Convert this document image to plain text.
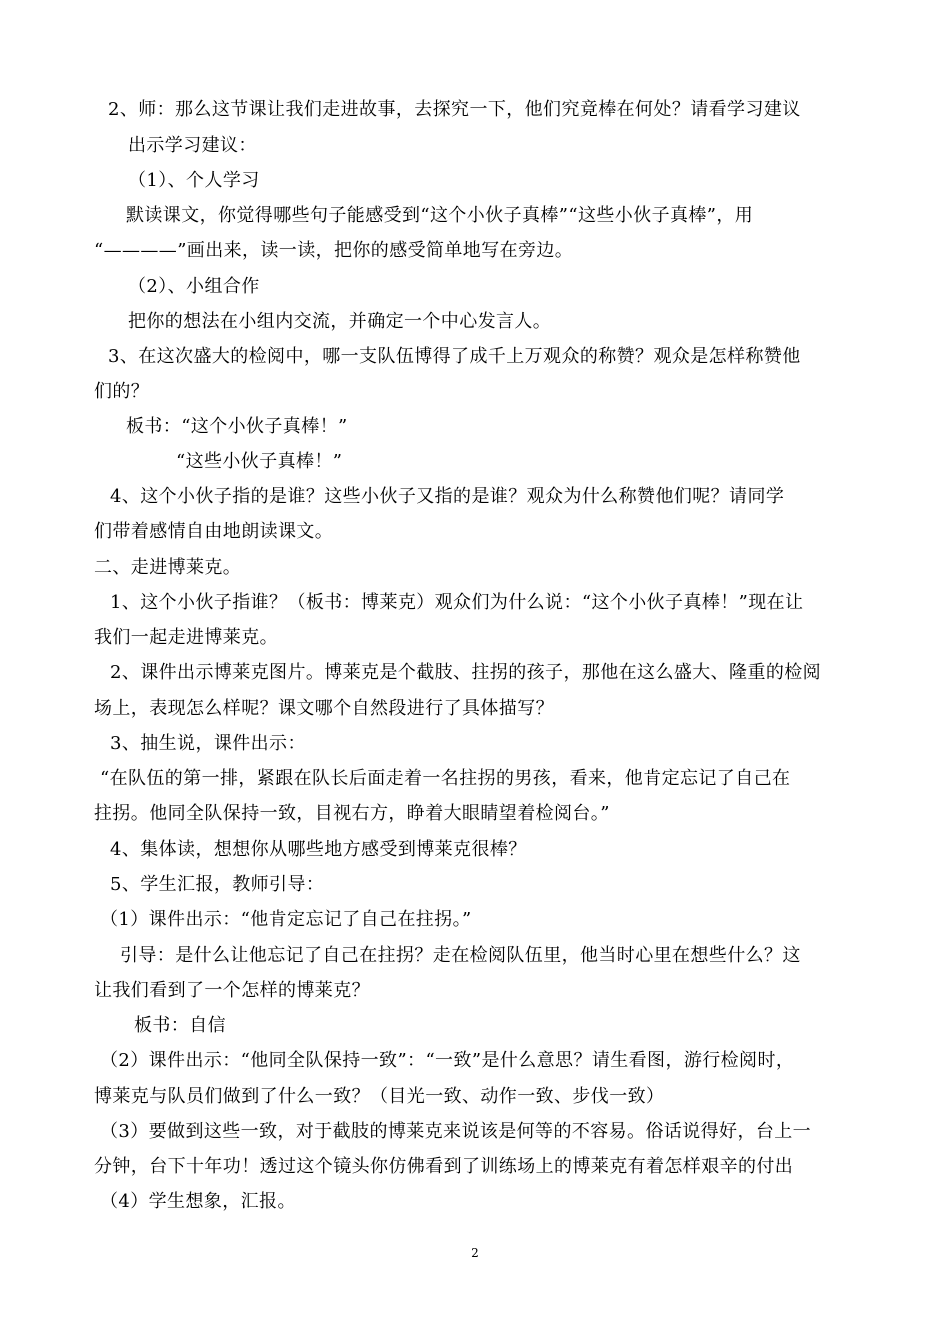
2、师：那么这节课让我们走进故事，去探究一下，他们究竟棒在何处？请看学习建议
出示学习建议：
（1）、个人学习
默读课文，你觉得哪些句子能感受到“这个小伙子真棒”“这些小伙子真棒”，用
“————”画出来，读一读，把你的感受简单地写在旁边。
（2）、小组合作
把你的想法在小组内交流，并确定一个中心发言人。
3、在这次盛大的检阅中，哪一支队伍博得了成千上万观众的称赞？观众是怎样称赞他
们的？
板书：“这个小伙子真棒！”
“这些小伙子真棒！”
4、这个小伙子指的是谁？这些小伙子又指的是谁？观众为什么称赞他们呢？请同学
们带着感情自由地朗读课文。
二、走进博莱克。
1、这个小伙子指谁？（板书：博莱克）观众们为什么说：“这个小伙子真棒！”现在让
我们一起走进博莱克。
2、课件出示博莱克图片。博莱克是个截肢、拄拐的孩子，那他在这么盛大、隆重的检阅
场上，表现怎么样呢？课文哪个自然段进行了具体描写？
3、抽生说，课件出示：
“在队伍的第一排，紧跟在队长后面走着一名拄拐的男孩，看来，他肯定忘记了自己在
拄拐。他同全队保持一致，目视右方，睁着大眼睛望着检阅台。”
4、集体读，想想你从哪些地方感受到博莱克很棒？
5、学生汇报，教师引导：
（1）课件出示：“他肯定忘记了自己在拄拐。”
引导：是什么让他忘记了自己在拄拐？走在检阅队伍里，他当时心里在想些什么？这
让我们看到了一个怎样的博莱克？
板书：自信
（2）课件出示：“他同全队保持一致”：“一致”是什么意思？请生看图，游行检阅时，
博莱克与队员们做到了什么一致？（目光一致、动作一致、步伐一致）
（3）要做到这些一致，对于截肢的博莱克来说该是何等的不容易。俗话说得好，台上一
分钟，台下十年功！透过这个镜头你仿佛看到了训练场上的博莱克有着怎样艰辛的付出
（4）学生想象，汇报。
2
